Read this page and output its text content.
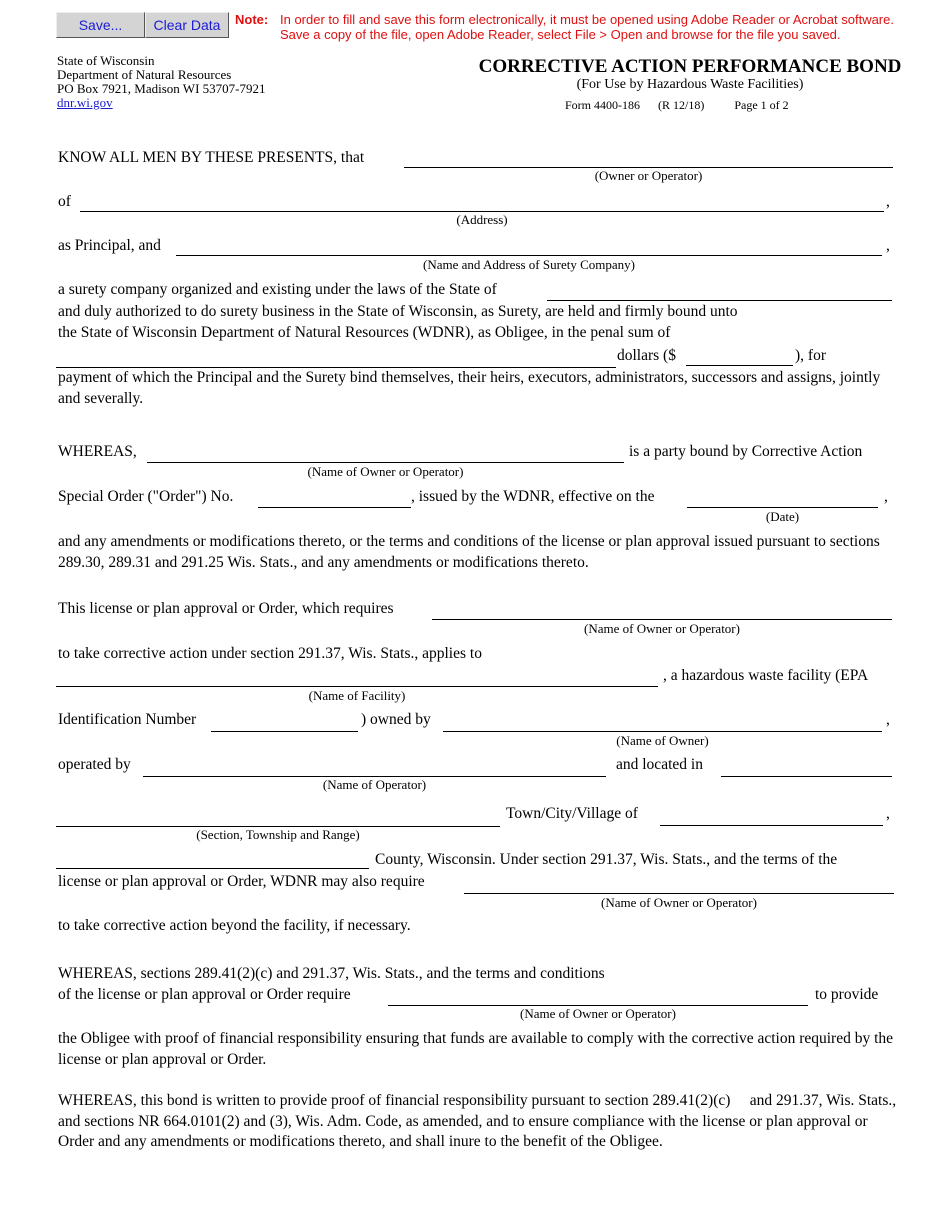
Save...	Clear Data	Note: In order to fill and save this form electronically, it must be opened using Adobe Reader or Acrobat software.
Save a copy of the file, open Adobe Reader, select File > Open and browse for the file you saved.
State of Wisconsin
Department of Natural Resources
PO Box 7921, Madison WI 53707-7921
dnr.wi.gov
CORRECTIVE ACTION PERFORMANCE BOND
(For Use by Hazardous Waste Facilities)
Form 4400-186 (R 12/18)	Page 1 of 2
KNOW ALL MEN BY THESE PRESENTS, that
(Owner or Operator)
of	,
(Address)
as Principal, and	,
(Name and Address of Surety Company)
a surety company organized and existing under the laws of the State of
and duly authorized to do surety business in the State of Wisconsin, as Surety, are held and firmly bound unto
the State of Wisconsin Department of Natural Resources (WDNR), as Obligee, in the penal sum of
dollars ($	), for
payment of which the Principal and the Surety bind themselves, their heirs, executors, administrators, successors and assigns, jointly and severally.
WHEREAS,	is a party bound by Corrective Action
(Name of Owner or Operator)
Special Order ("Order") No.	, issued by the WDNR, effective on the	,
(Date)
and any amendments or modifications thereto, or the terms and conditions of the license or plan approval issued pursuant to sections 289.30, 289.31 and 291.25 Wis. Stats., and any amendments or modifications thereto.
This license or plan approval or Order, which requires
(Name of Owner or Operator)
to take corrective action under section 291.37, Wis. Stats., applies to
, a hazardous waste facility (EPA
(Name of Facility)
Identification Number	) owned by	,
(Name of Owner)
operated by	and located in
(Name of Operator)
Town/City/Village of	,
(Section, Township and Range)
County, Wisconsin. Under section 291.37, Wis. Stats., and the terms of the
license or plan approval or Order, WDNR may also require
(Name of Owner or Operator)
to take corrective action beyond the facility, if necessary.
WHEREAS, sections 289.41(2)(c) and 291.37, Wis. Stats., and the terms and conditions
of the license or plan approval or Order require	to provide
(Name of Owner or Operator)
the Obligee with proof of financial responsibility ensuring that funds are available to comply with the corrective action required by the license or plan approval or Order.
WHEREAS, this bond is written to provide proof of financial responsibility pursuant to section 289.41(2)(c)     and 291.37, Wis. Stats., and sections NR 664.0101(2) and (3), Wis. Adm. Code, as amended, and to ensure compliance with the license or plan approval or Order and any amendments or modifications thereto, and shall inure to the benefit of the Obligee.
